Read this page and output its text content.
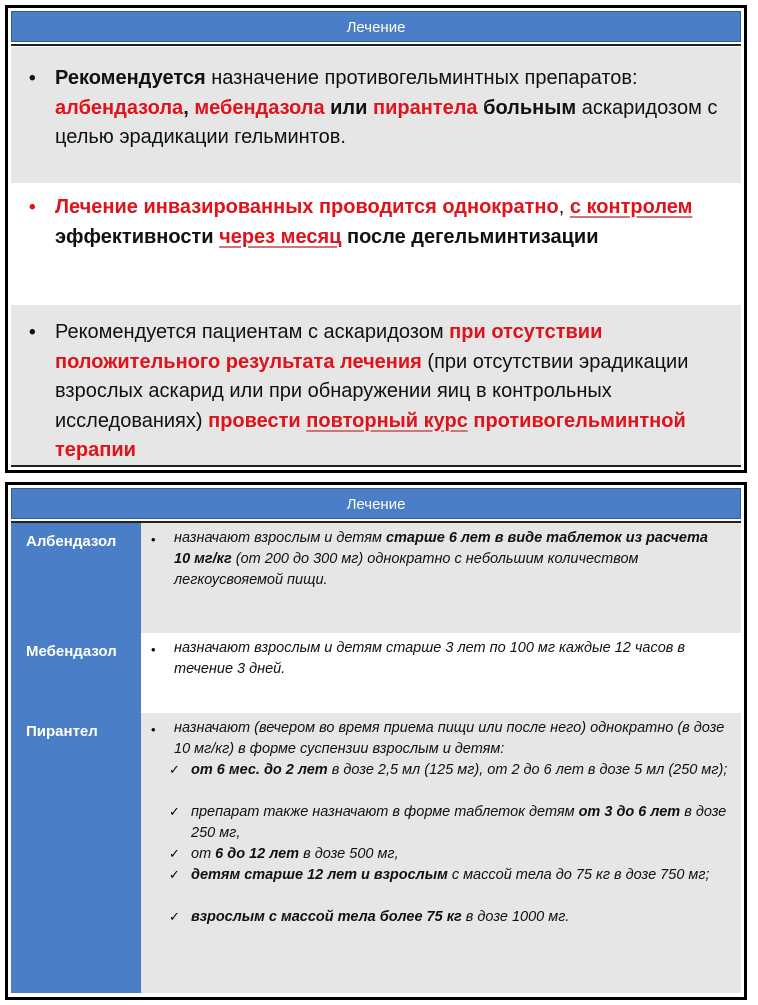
Лечение
• Рекомендуется назначение противогельминтных препаратов: албендазола, мебендазола или пирантела больным аскаридозом с целью эрадикации гельминтов.
• Лечение инвазированных проводится однократно, с контролем эффективности через месяц после дегельминтизации
• Рекомендуется пациентам с аскаридозом при отсутствии положительного результата лечения (при отсутствии эрадикации взрослых аскарид или при обнаружении яиц в контрольных исследованиях) провести повторный курс противогельминтной терапии
Лечение
Албендазол	• назначают взрослым и детям старше 6 лет в виде таблеток из расчета 10 мг/кг (от 200 до 300 мг) однократно с небольшим количеством легкоусвояемой пищи.
Мебендазол	• назначают взрослым и детям старше 3 лет по 100 мг каждые 12 часов в течение 3 дней.
Пирантел	• назначают (вечером во время приема пищи или после него) однократно (в дозе 10 мг/кг) в форме суспензии взрослым и детям:
✓ от 6 мес. до 2 лет в дозе 2,5 мл (125 мг), от 2 до 6 лет в дозе 5 мл (250 мг);
✓ препарат также назначают в форме таблеток детям от 3 до 6 лет в дозе 250 мг,
✓ от 6 до 12 лет в дозе 500 мг,
✓ детям старше 12 лет и взрослым с массой тела до 75 кг в дозе 750 мг;
✓ взрослым с массой тела более 75 кг в дозе 1000 мг.
